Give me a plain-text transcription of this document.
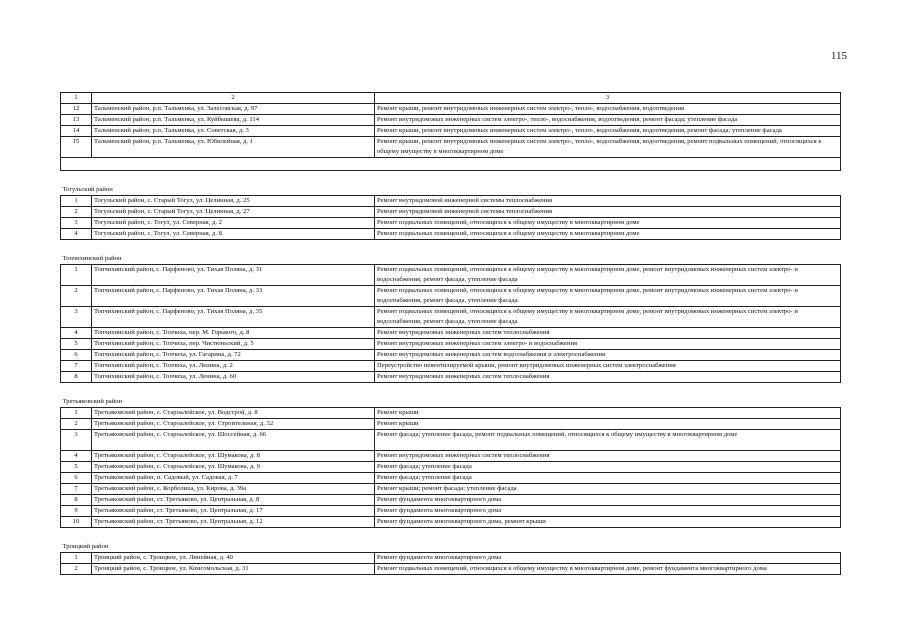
115
1	2	3
12	Тальменский район, р.п. Тальменка, ул. Залесовская, д. 97	Ремонт крыши, ремонт внутридомовых инженерных систем электро-, тепло-, водоснабжения, водоотведения
13	Тальменский район, р.п. Тальменка, ул. Куйбышева, д. 114	Ремонт внутридомовых инженерных систем электро-, тепло-, водоснабжения, водоотведения, ремонт фасада; утепление фасада
14	Тальменский район, р.п. Тальменка, ул. Советская, д. 3	Ремонт крыши, ремонт внутридомовых инженерных систем электро-, тепло-, водоснабжения, водоотведения, ремонт фасада; утепление фасада
15	Тальменский район, р.п. Тальменка, ул. Юбилейная, д. 1	Ремонт крыши, ремонт внутридомовых инженерных систем электро-, тепло-, водоснабжения, водоотведения, ремонт подвальных помещений, относящихся к общему имуществу в многоквартирном доме

Тогульский район		
1	Тогульский район, с. Старый Тогул, ул. Целинная, д. 25	Ремонт внутридомовой инженерной системы теплоснабжения
2	Тогульский район, с. Старый Тогул, ул. Целинная, д. 27	Ремонт внутридомовой инженерной системы теплоснабжения
3	Тогульский район, с. Тогул, ул. Северная, д. 2	Ремонт подвальных помещений, относящихся к общему имуществу в многоквартирном доме
4	Тогульский район, с. Тогул, ул. Северная, д. 8	Ремонт подвальных помещений, относящихся к общему имуществу в многоквартирном доме
Топчихинский район		
1	Топчихинский район, с. Парфеново, ул. Тихая Поляна, д. 31	Ремонт подвальных помещений, относящихся к общему имуществу в многоквартирном доме, ремонт внутридомовых инженерных систем электро- и водоснабжения, ремонт фасада, утепление фасада
2	Топчихинский район, с. Парфеново, ул. Тихая Поляна, д. 33	Ремонт подвальных помещений, относящихся к общему имуществу в многоквартирном доме, ремонт внутридомовых инженерных систем электро- и водоснабжения, ремонт фасада, утепление фасада
3	Топчихинский район, с. Парфеново, ул. Тихая Поляна, д. 35	Ремонт подвальных помещений, относящихся к общему имуществу в многоквартирном доме, ремонт внутридомовых инженерных систем электро- и водоснабжения, ремонт фасада, утепление фасада
4	Топчихинский район, с. Топчиха, пер. М. Горького, д. 8	Ремонт внутридомовых инженерных систем теплоснабжения
5	Топчихинский район, с. Топчиха, пер. Чистюньский, д. 5	Ремонт внутридомовых инженерных систем электро- и водоснабжения
6	Топчихинский район, с. Топчиха, ул. Гагарина, д. 72	Ремонт внутридомовых инженерных систем водоснабжения и электроснабжения
7	Топчихинский район, с. Топчиха, ул. Ленина, д. 2	Переустройство невентилируемой крыши, ремонт внутридомовых инженерных систем электроснабжения
8	Топчихинский район, с. Топчиха, ул. Ленина, д. 60	Ремонт внутридомовых инженерных систем теплоснабжения
Третьяковский район		
1	Третьяковский район, с. Староалейское, ул. Водстрой, д. 8	Ремонт крыши
2	Третьяковский район, с. Староалейское, ул. Строительная, д. 32	Ремонт крыши
3	Третьяковский район, с. Староалейское, ул. Шоссейная, д. 66	Ремонт фасада; утепление фасада, ремонт подвальных помещений, относящихся к общему имуществу в многоквартирном доме
4	Третьяковский район, с. Староалейское, ул. Шумакова, д. 8	Ремонт внутридомовых инженерных систем теплоснабжения
5	Третьяковский район, с. Староалейское, ул. Шумакова, д. 9	Ремонт фасада; утепление фасада
6	Третьяковский район, п. Садовый, ул. Садовая, д. 7	Ремонт фасада; утепление фасада
7	Третьяковский район, с. Корболиха, ул. Кирова, д. 39а	Ремонт крыши; ремонт фасада; утепление фасада
8	Третьяковский район, ст. Третьяково, ул. Центральная, д. 8	Ремонт фундамента многоквартирного дома
9	Третьяковский район, ст. Третьяково, ул. Центральная, д. 17	Ремонт фундамента многоквартирного дома
10	Третьяковский район, ст. Третьяково, ул. Центральная, д. 12	Ремонт фундамента многоквартирного дома, ремонт крыши
Троицкий район		
1	Троицкий район, с. Троицкое, ул. Линейная, д. 40	Ремонт фундамента многоквартирного дома
2	Троицкий район, с. Троицкое, ул. Комсомольская, д. 31	Ремонт подвальных помещений, относящихся к общему имуществу в многоквартирном доме, ремонт фундамента многоквартирного дома
